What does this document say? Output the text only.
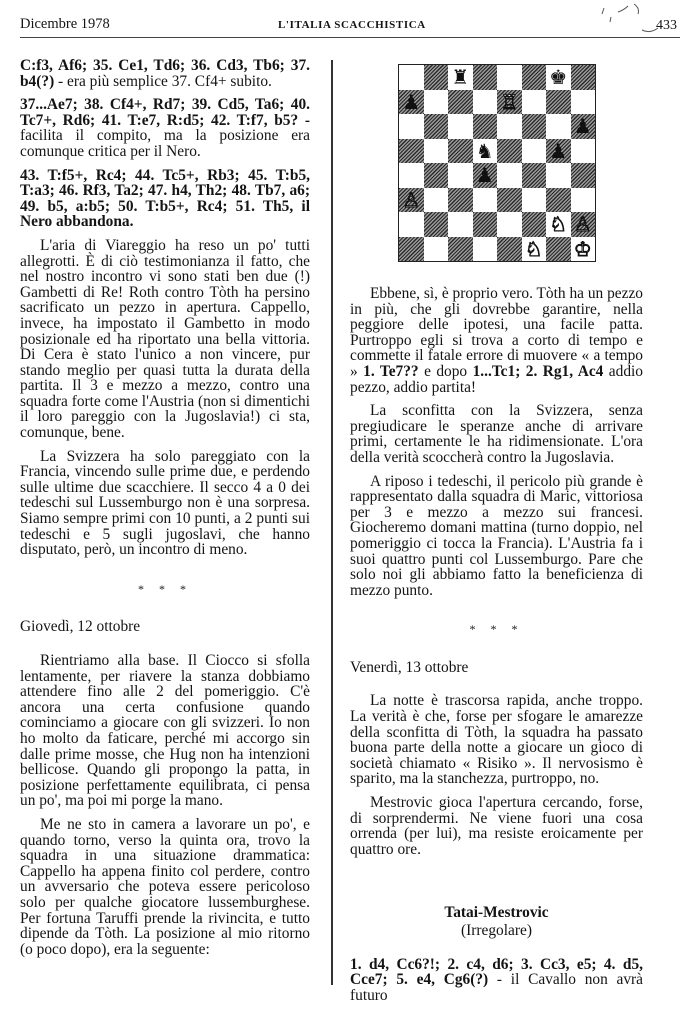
Dicembre 1978	L'ITALIA SCACCHISTICA	433

C:f3, Af6; 35. Ce1, Td6; 36. Cd3, Tb6; 37. b4(?) - era più semplice 37. Cf4+ subito.

37...Ae7; 38. Cf4+, Rd7; 39. Cd5, Ta6; 40. Tc7+, Rd6; 41. T:e7, R:d5; 42. T:f7, b5? - facilita il compito, ma la posizione era comunque critica per il Nero.

43. T:f5+, Rc4; 44. Tc5+, Rb3; 45. T:b5, T:a3; 46. Rf3, Ta2; 47. h4, Th2; 48. Tb7, a6; 49. b5, a:b5; 50. T:b5+, Rc4; 51. Th5, il Nero abbandona.

L'aria di Viareggio ha reso un po' tutti allegrotti. È di ciò testimonianza il fatto, che nel nostro incontro vi sono stati ben due (!) Gambetti di Re! Roth contro Tòth ha persino sacrificato un pezzo in apertura. Cappello, invece, ha impostato il Gambetto in modo posizionale ed ha riportato una bella vittoria. Di Cera è stato l'unico a non vincere, pur stando meglio per quasi tutta la durata della partita. Il 3 e mezzo a mezzo, contro una squadra forte come l'Austria (non si dimentichi il loro pareggio con la Jugoslavia!) ci sta, comunque, bene.

La Svizzera ha solo pareggiato con la Francia, vincendo sulle prime due, e perdendo sulle ultime due scacchiere. Il secco 4 a 0 dei tedeschi sul Lussemburgo non è una sorpresa. Siamo sempre primi con 10 punti, a 2 punti sui tedeschi e 5 sugli jugoslavi, che hanno disputato, però, un incontro di meno.

* * *

Giovedì, 12 ottobre

Rientriamo alla base. Il Ciocco si sfolla lentamente, per riavere la stanza dobbiamo attendere fino alle 2 del pomeriggio. C'è ancora una certa confusione quando cominciamo a giocare con gli svizzeri. Io non ho molto da faticare, perché mi accorgo sin dalle prime mosse, che Hug non ha intenzioni bellicose. Quando gli propongo la patta, in posizione perfettamente equilibrata, ci pensa un po', ma poi mi porge la mano.

Me ne sto in camera a lavorare un po', e quando torno, verso la quinta ora, trovo la squadra in una situazione drammatica: Cappello ha appena finito col perdere, contro un avversario che poteva essere pericoloso solo per qualche giocatore lussemburghese. Per fortuna Taruffi prende la rivincita, e tutto dipende da Tòth. La posizione al mio ritorno (o poco dopo), era la seguente:

♜	♚
♟	♖
♟
♞	♟
♟
♙
♘ ♙
♘ ♔

Ebbene, sì, è proprio vero. Tòth ha un pezzo in più, che gli dovrebbe garantire, nella peggiore delle ipotesi, una facile patta. Purtroppo egli si trova a corto di tempo e commette il fatale errore di muovere « a tempo » 1. Te7?? e dopo 1...Tc1; 2. Rg1, Ac4 addio pezzo, addio partita!

La sconfitta con la Svizzera, senza pregiudicare le speranze anche di arrivare primi, certamente le ha ridimensionate. L'ora della verità scoccherà contro la Jugoslavia.

A riposo i tedeschi, il pericolo più grande è rappresentato dalla squadra di Maric, vittoriosa per 3 e mezzo a mezzo sui francesi. Giocheremo domani mattina (turno doppio, nel pomeriggio ci tocca la Francia). L'Austria fa i suoi quattro punti col Lussemburgo. Pare che solo noi gli abbiamo fatto la beneficienza di mezzo punto.

* * *

Venerdì, 13 ottobre

La notte è trascorsa rapida, anche troppo. La verità è che, forse per sfogare le amarezze della sconfitta di Tòth, la squadra ha passato buona parte della notte a giocare un gioco di società chiamato « Risiko ». Il nervosismo è sparito, ma la stanchezza, purtroppo, no.

Mestrovic gioca l'apertura cercando, forse, di sorprendermi. Ne viene fuori una cosa orrenda (per lui), ma resiste eroicamente per quattro ore.

Tatai-Mestrovic

(Irregolare)

1. d4, Cc6?!; 2. c4, d6; 3. Cc3, e5; 4. d5, Cce7; 5. e4, Cg6(?) - il Cavallo non avrà futuro
